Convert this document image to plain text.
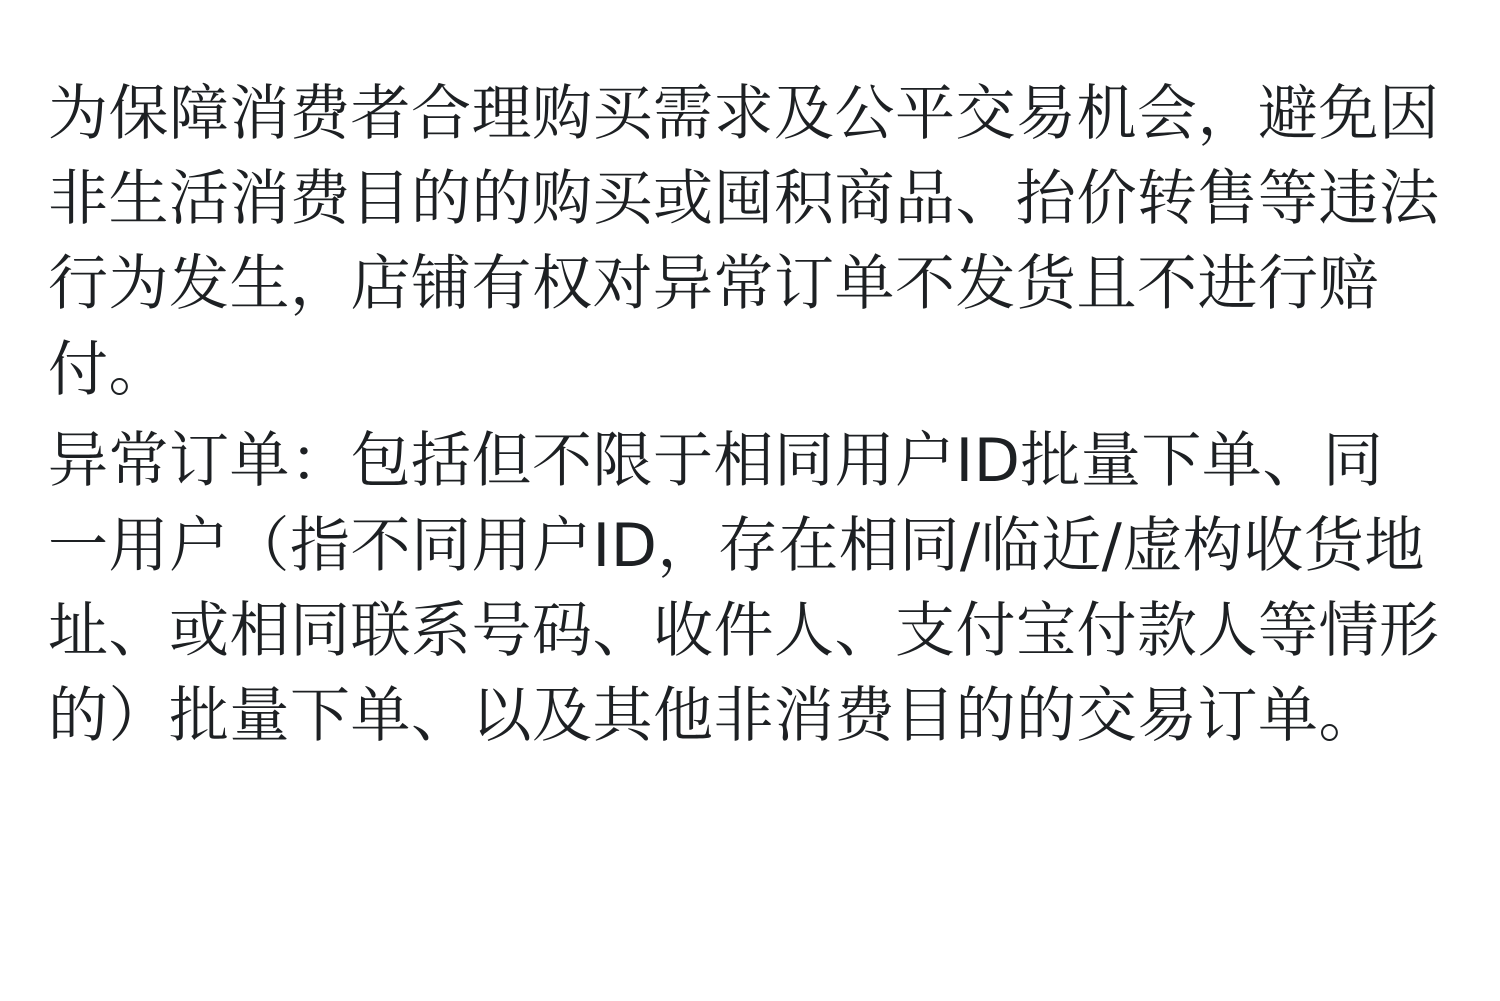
为保障消费者合理购买需求及公平交易机会，避免因非生活消费目的的购买或囤积商品、抬价转售等违法行为发生，店铺有权对异常订单不发货且不进行赔付。

异常订单：包括但不限于相同用户ID批量下单、同一用户（指不同用户ID，存在相同/临近/虚构收货地址、或相同联系号码、收件人、支付宝付款人等情形的）批量下单、以及其他非消费目的的交易订单。
